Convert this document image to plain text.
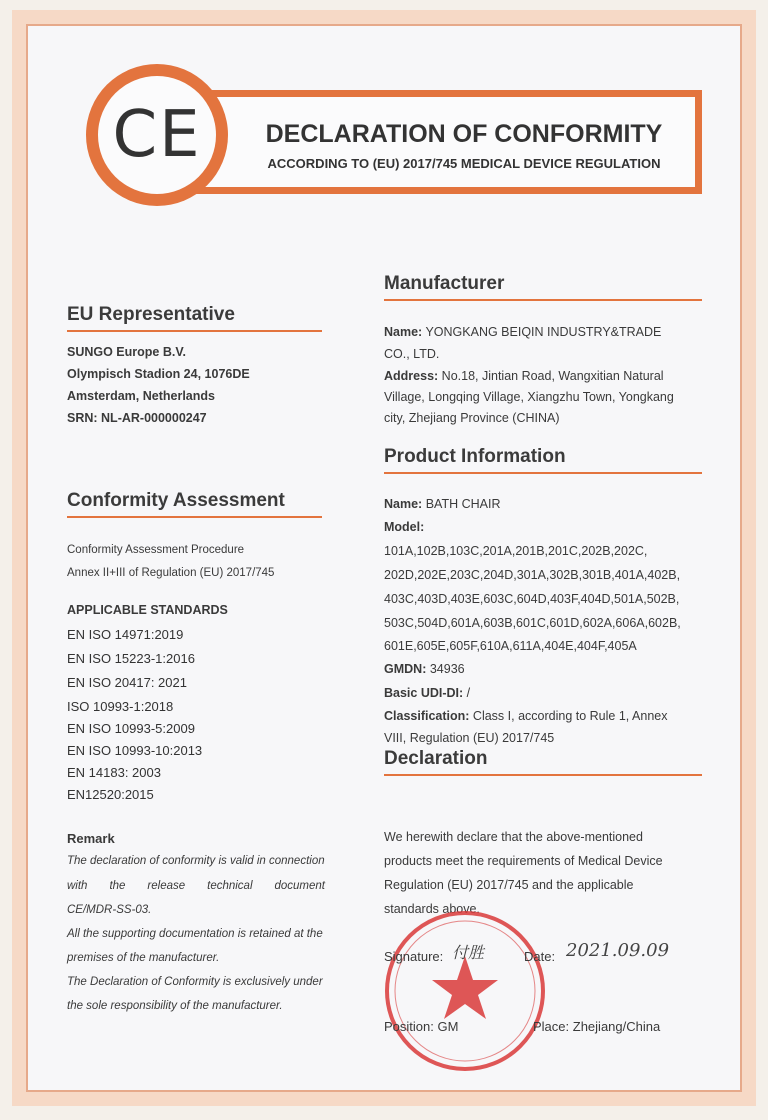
CE	DECLARATION OF CONFORMITY
ACCORDING TO (EU) 2017/745 MEDICAL DEVICE REGULATION
EU Representative
SUNGO Europe B.V.
Olympisch Stadion 24, 1076DE
Amsterdam, Netherlands
SRN: NL-AR-000000247
Conformity Assessment
Conformity Assessment Procedure
Annex II+III of Regulation (EU) 2017/745
APPLICABLE STANDARDS
EN ISO 14971:2019
EN ISO 15223-1:2016
EN ISO 20417: 2021
ISO 10993-1:2018
EN ISO 10993-5:2009
EN ISO 10993-10:2013
EN 14183: 2003
EN12520:2015
Remark
The declaration of conformity is valid in connection
with the release technical document
CE/MDR-SS-03.
All the supporting documentation is retained at the
premises of the manufacturer.
The Declaration of Conformity is exclusively under
the sole responsibility of the manufacturer.
Manufacturer
Name: YONGKANG BEIQIN INDUSTRY&TRADE
CO., LTD.
Address: No.18, Jintian Road, Wangxitian Natural
Village, Longqing Village, Xiangzhu Town, Yongkang
city, Zhejiang Province (CHINA)
Product Information
Name: BATH CHAIR
Model:
101A,102B,103C,201A,201B,201C,202B,202C,
202D,202E,203C,204D,301A,302B,301B,401A,402B,
403C,403D,403E,603C,604D,403F,404D,501A,502B,
503C,504D,601A,603B,601C,601D,602A,606A,602B,
601E,605E,605F,610A,611A,404E,404F,405A
GMDN: 34936
Basic UDI-DI: /
Classification: Class I, according to Rule 1, Annex
VIII, Regulation (EU) 2017/745
Declaration
We herewith declare that the above-mentioned
products meet the requirements of Medical Device
Regulation (EU) 2017/745 and the applicable
standards above.
Signature: 付胜	Date: 2021.09.09
Position: GM	Place: Zhejiang/China
